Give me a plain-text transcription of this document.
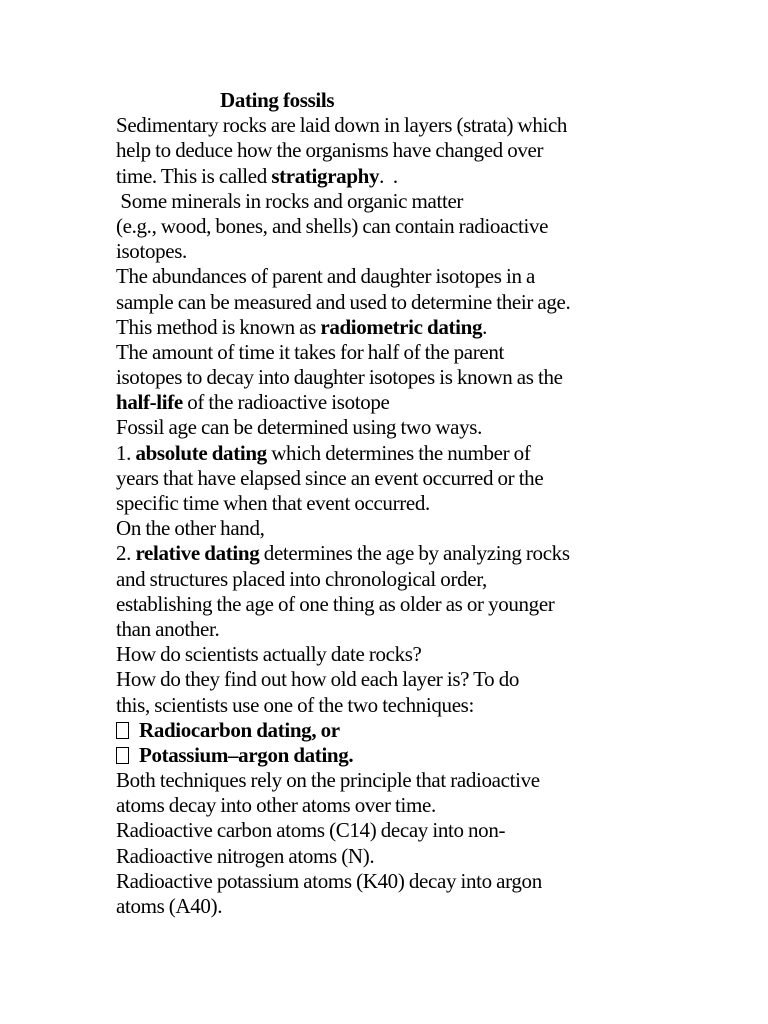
Dating fossils
Sedimentary rocks are laid down in layers (strata) which
help to deduce how the organisms have changed over
time. This is called stratigraphy.  .
Some minerals in rocks and organic matter
(e.g., wood, bones, and shells) can contain radioactive
isotopes.
The abundances of parent and daughter isotopes in a
sample can be measured and used to determine their age.
This method is known as radiometric dating.
The amount of time it takes for half of the parent
isotopes to decay into daughter isotopes is known as the
half-life of the radioactive isotope
Fossil age can be determined using two ways.
1. absolute dating which determines the number of
years that have elapsed since an event occurred or the
specific time when that event occurred.
On the other hand,
2. relative dating determines the age by analyzing rocks
and structures placed into chronological order,
establishing the age of one thing as older as or younger
than another.
How do scientists actually date rocks?
How do they find out how old each layer is? To do
this, scientists use one of the two techniques:
Radiocarbon dating, or
Potassium–argon dating.
Both techniques rely on the principle that radioactive
atoms decay into other atoms over time.
Radioactive carbon atoms (C14) decay into non-
Radioactive nitrogen atoms (N).
Radioactive potassium atoms (K40) decay into argon
atoms (A40).
